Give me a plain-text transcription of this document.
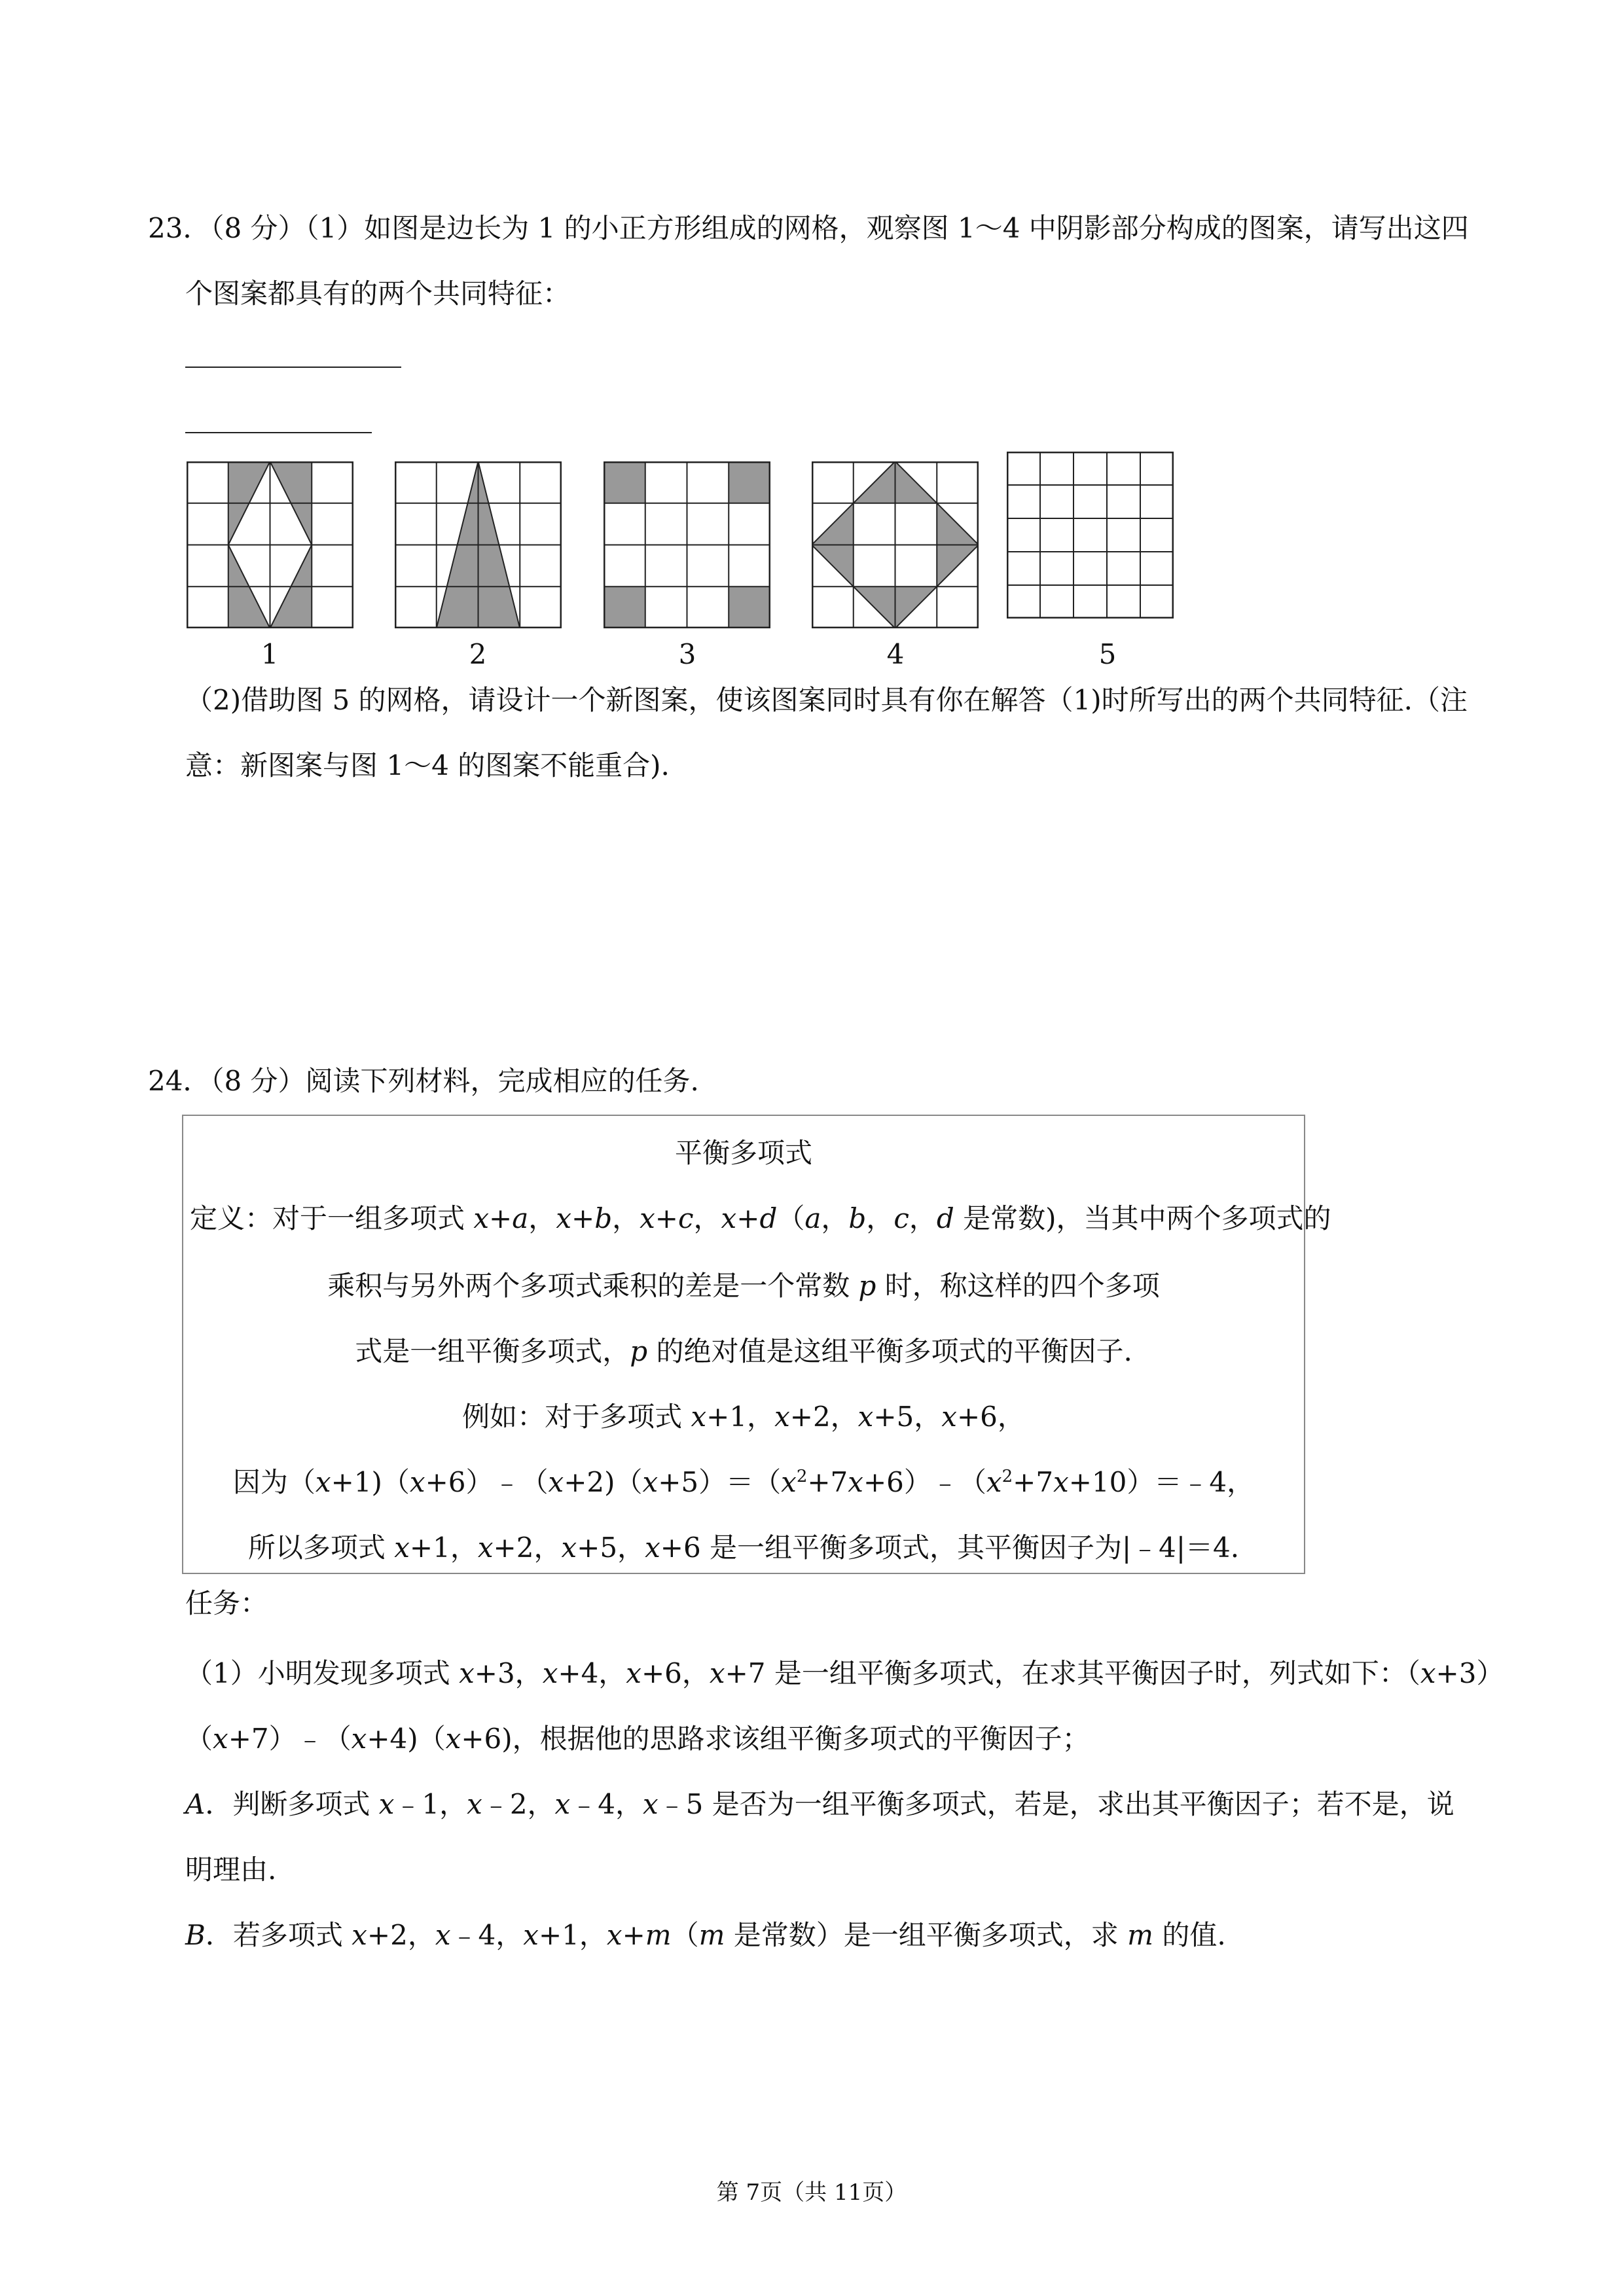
23．（8 分）（1）如图是边长为 1 的小正方形组成的网格，观察图 1～4 中阴影部分构成的图案，请写出这四
个图案都具有的两个共同特征：
1	2	3	4	5
（2)借助图 5 的网格，请设计一个新图案，使该图案同时具有你在解答（1)时所写出的两个共同特征.（注
意：新图案与图 1～4 的图案不能重合).
24．（8 分）阅读下列材料，完成相应的任务.
平衡多项式
定义：对于一组多项式 x+a，x+b，x+c，x+d（a，b，c，d 是常数)，当其中两个多项式的
乘积与另外两个多项式乘积的差是一个常数 p 时，称这样的四个多项
式是一组平衡多项式，p 的绝对值是这组平衡多项式的平衡因子.
例如：对于多项式 x+1，x+2，x+5，x+6，
因为$(x+1)(x+6)﹣(x+2)(x+5)=(x^2+7x+6)﹣(x^2+7x+10)=﹣4$，
所以多项式 x+1，x+2，x+5，x+6 是一组平衡多项式，其平衡因子为|﹣4|＝4.
任务：
（1）小明发现多项式 x+3，x+4，x+6，x+7 是一组平衡多项式，在求其平衡因子时，列式如下：（x+3）
（x+7）﹣（x+4)（x+6)，根据他的思路求该组平衡多项式的平衡因子；
A．判断多项式 x﹣1，x﹣2，x﹣4，x﹣5 是否为一组平衡多项式，若是，求出其平衡因子；若不是，说
明理由.
B．若多项式 x+2，x﹣4，x+1，x+m（m 是常数）是一组平衡多项式，求 m 的值.
第 7页（共 11页）
